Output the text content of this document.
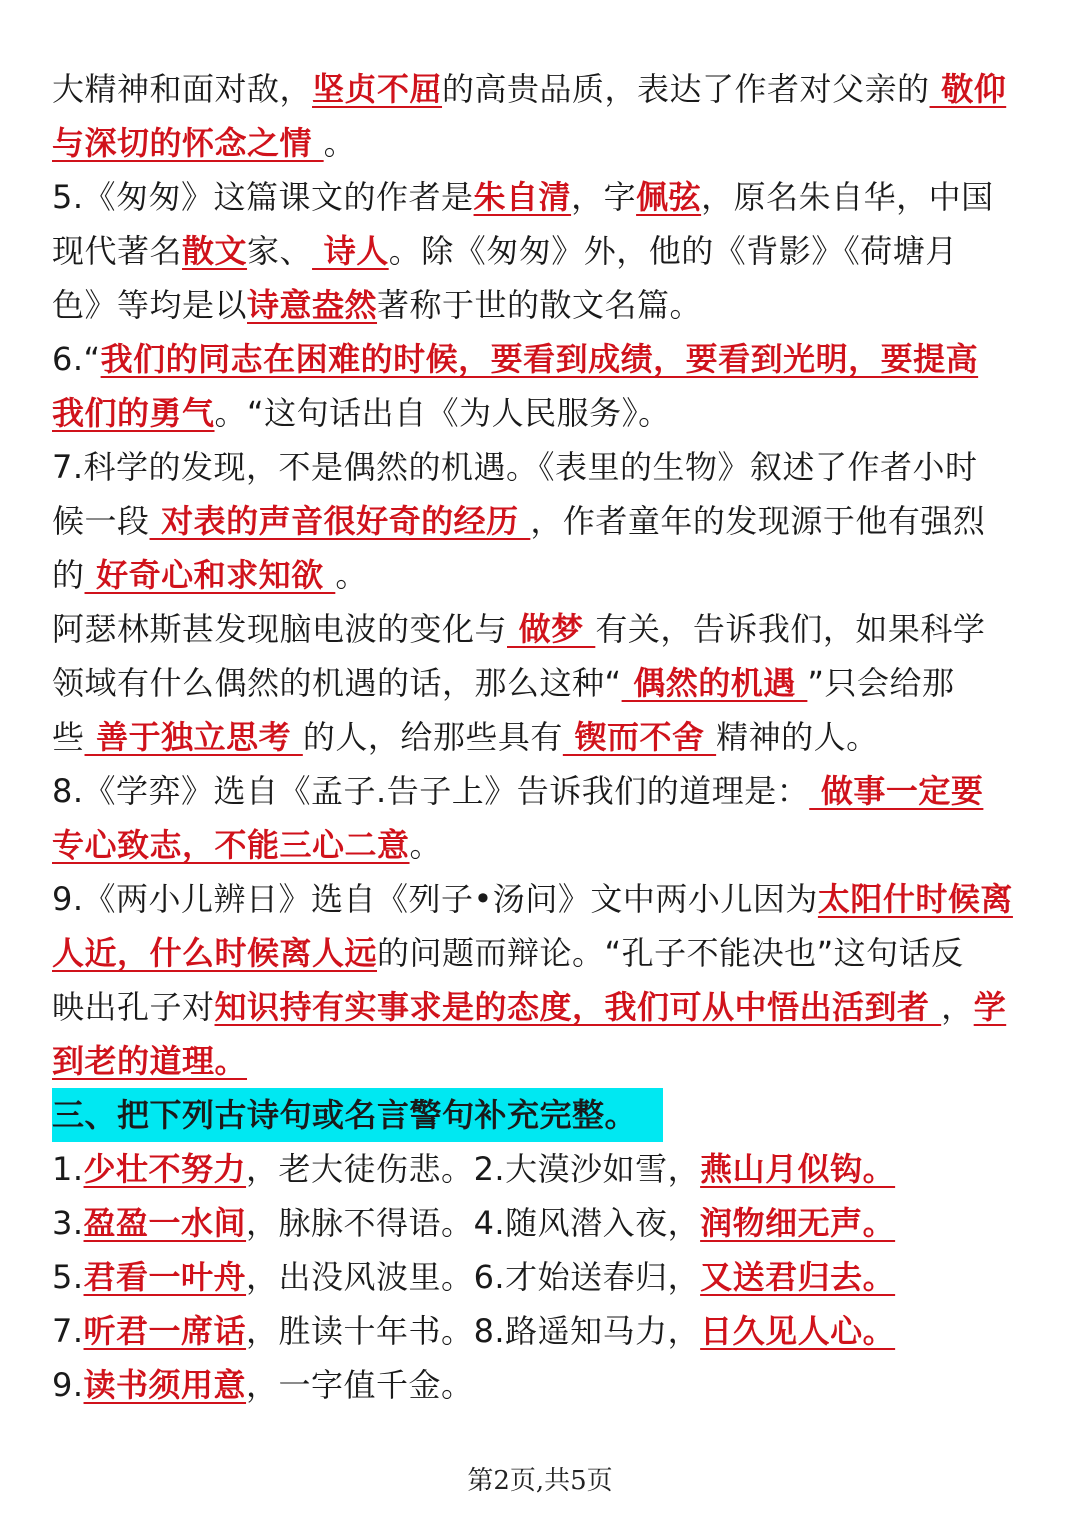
大精神和面对敌，坚贞不屈的高贵品质，表达了作者对父亲的 敬仰
与深切的怀念之情 。
5.《匆匆》这篇课文的作者是朱自清，字佩弦，原名朱自华，中国
现代著名散文家、 诗人。除《匆匆》外，他的《背影》《荷塘月
色》等均是以诗意盎然著称于世的散文名篇。
6.“我们的同志在困难的时候，要看到成绩，要看到光明，要提高
我们的勇气。“这句话出自《为人民服务》。
7.科学的发现，不是偶然的机遇。《表里的生物》叙述了作者小时
候一段 对表的声音很好奇的经历 ，作者童年的发现源于他有强烈
的 好奇心和求知欲 。
阿瑟林斯甚发现脑电波的变化与 做梦 有关，告诉我们，如果科学
领域有什么偶然的机遇的话，那么这种“ 偶然的机遇 ”只会给那
些 善于独立思考 的人，给那些具有 锲而不舍 精神的人。
8.《学弈》选自《孟子.告子上》告诉我们的道理是： 做事一定要
专心致志，不能三心二意。
9.《两小儿辨日》选自《列子•汤问》文中两小儿因为太阳什时候离
人近，什么时候离人远的问题而辩论。“孔子不能决也”这句话反
映出孔子对知识持有实事求是的态度，我们可从中悟出活到者 ，学
到老的道理。
三、把下列古诗句或名言警句补充完整。
1.少壮不努力，老大徒伤悲。2.大漠沙如雪，燕山月似钩。
3.盈盈一水间，脉脉不得语。4.随风潜入夜，润物细无声。
5.君看一叶舟，出没风波里。6.才始送春归，又送君归去。
7.听君一席话，胜读十年书。8.路遥知马力，日久见人心。
9.读书须用意，一字值千金。
第2页,共5页
